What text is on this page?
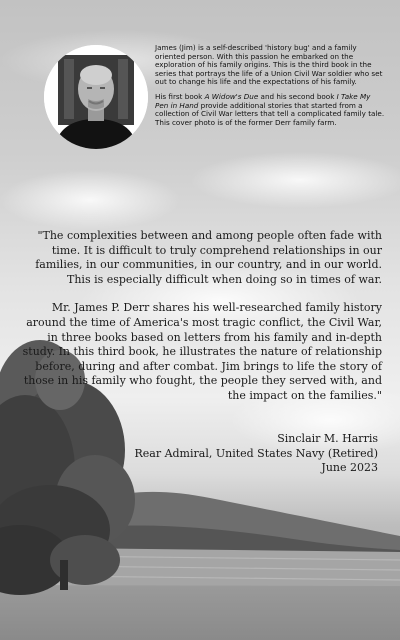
James (Jim) is a self-described 'history bug' and a family oriented person. With this passion he embarked on the exploration of his family origins. This is the third book in the series that portrays the life of a Union Civil War soldier who set out to change his life and the expectations of his family.

His first book A Widow's Due and his second book I Take My Pen in Hand provide additional stories that started from a collection of Civil War letters that tell a complicated family tale. This cover photo is of the former Derr family farm.

"The complexities between and among people often fade with time. It is difficult to truly comprehend relationships in our families, in our communities, in our country, and in our world. This is especially difficult when doing so in times of war.

Mr. James P. Derr shares his well-researched family history around the time of America's most tragic conflict, the Civil War, in three books based on letters from his family and in-depth study. In this third book, he illustrates the nature of relationship before, during and after combat. Jim brings to life the story of those in his family who fought, the people they served with, and the impact on the families."

Sinclair M. Harris
Rear Admiral, United States Navy (Retired)
June 2023
